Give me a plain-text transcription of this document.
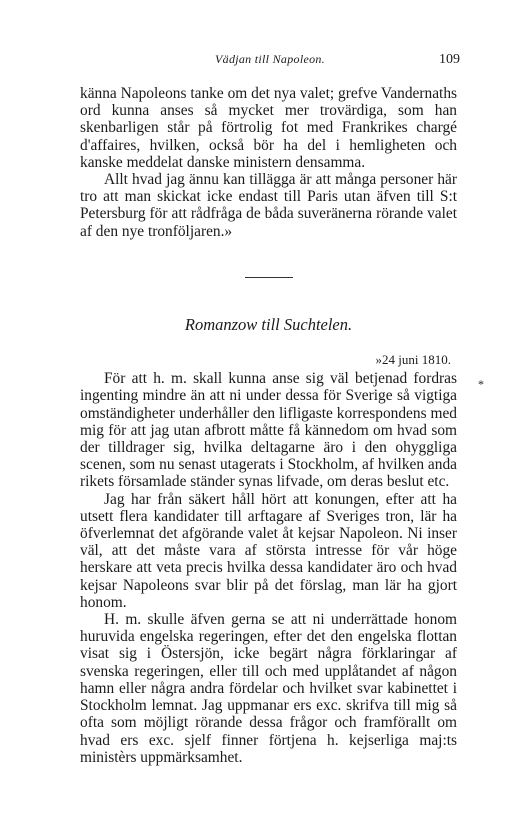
Vädjan till Napoleon.	109

känna Napoleons tanke om det nya valet; grefve Vandernaths ord kunna anses så mycket mer trovärdiga, som han skenbarligen står på förtrolig fot med Frankrikes chargé d'affaires, hvilken, också bör ha del i hemligheten och kanske meddelat danske ministern densamma.

Allt hvad jag ännu kan tillägga är att många personer här tro att man skickat icke endast till Paris utan äfven till S:t Petersburg för att rådfråga de båda suveränerna rörande valet af den nye tronföljaren.»

Romanzow till Suchtelen.
»24 juni 1810.

För att h. m. skall kunna anse sig väl betjenad fordras ingenting mindre än att ni under dessa för Sverige så vigtiga omständigheter underhåller den lifligaste korrespondens med mig för att jag utan afbrott måtte få kännedom om hvad som der tilldrager sig, hvilka deltagarne äro i den ohyggliga scenen, som nu senast utagerats i Stockholm, af hvilken anda rikets församlade ständer synas lifvade, om deras beslut etc.

Jag har från säkert håll hört att konungen, efter att ha utsett flera kandidater till arftagare af Sveriges tron, lär ha öfverlemnat det afgörande valet åt kejsar Napoleon. Ni inser väl, att det måste vara af största intresse för vår höge herskare att veta precis hvilka dessa kandidater äro och hvad kejsar Napoleons svar blir på det förslag, man lär ha gjort honom.

H. m. skulle äfven gerna se att ni underrättade honom huruvida engelska regeringen, efter det den engelska flottan visat sig i Östersjön, icke begärt några förklaringar af svenska regeringen, eller till och med upplåtandet af någon hamn eller några andra fördelar och hvilket svar kabinettet i Stockholm lemnat. Jag uppmanar ers exc. skrifva till mig så ofta som möjligt rörande dessa frågor och framförallt om hvad ers exc. sjelf finner förtjena h. kejserliga maj:ts ministèrs uppmärksamhet.

*
